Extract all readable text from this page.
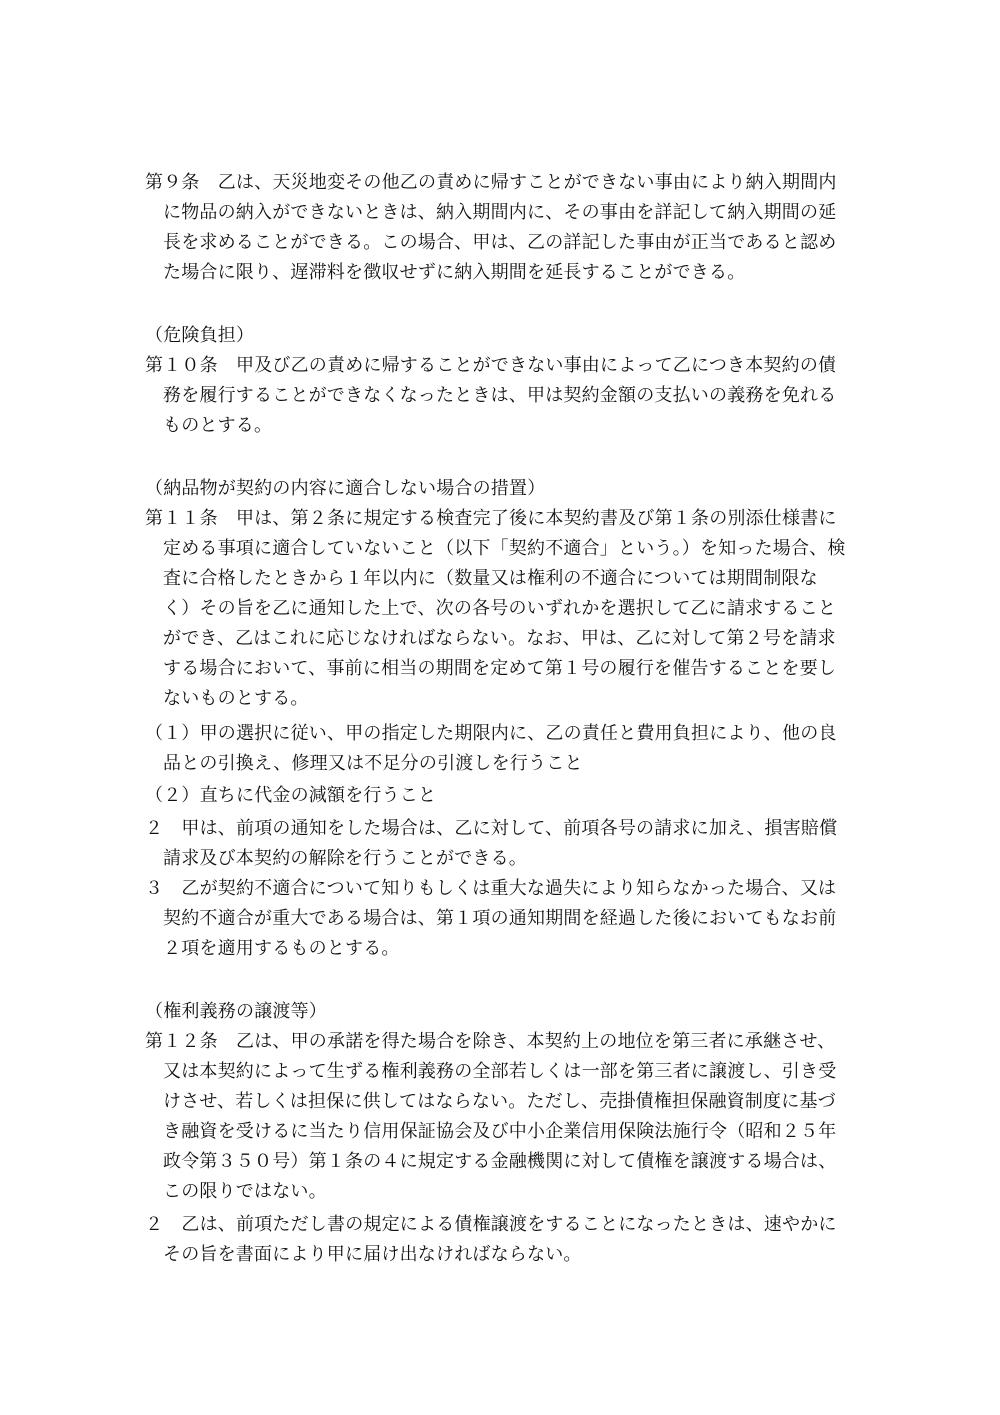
第９条　乙は、天災地変その他乙の責めに帰すことができない事由により納入期間内
に物品の納入ができないときは、納入期間内に、その事由を詳記して納入期間の延
長を求めることができる。この場合、甲は、乙の詳記した事由が正当であると認め
た場合に限り、遅滞料を徴収せずに納入期間を延長することができる。
（危険負担）
第１０条　甲及び乙の責めに帰することができない事由によって乙につき本契約の債
務を履行することができなくなったときは、甲は契約金額の支払いの義務を免れる
ものとする。
（納品物が契約の内容に適合しない場合の措置）
第１１条　甲は、第２条に規定する検査完了後に本契約書及び第１条の別添仕様書に
定める事項に適合していないこと（以下「契約不適合」という。）を知った場合、検
査に合格したときから１年以内に（数量又は権利の不適合については期間制限な
く）その旨を乙に通知した上で、次の各号のいずれかを選択して乙に請求すること
ができ、乙はこれに応じなければならない。なお、甲は、乙に対して第２号を請求
する場合において、事前に相当の期間を定めて第１号の履行を催告することを要し
ないものとする。
（１）甲の選択に従い、甲の指定した期限内に、乙の責任と費用負担により、他の良
品との引換え、修理又は不足分の引渡しを行うこと
（２）直ちに代金の減額を行うこと
２　甲は、前項の通知をした場合は、乙に対して、前項各号の請求に加え、損害賠償
請求及び本契約の解除を行うことができる。
３　乙が契約不適合について知りもしくは重大な過失により知らなかった場合、又は
契約不適合が重大である場合は、第１項の通知期間を経過した後においてもなお前
２項を適用するものとする。
（権利義務の譲渡等）
第１２条　乙は、甲の承諾を得た場合を除き、本契約上の地位を第三者に承継させ、
又は本契約によって生ずる権利義務の全部若しくは一部を第三者に譲渡し、引き受
けさせ、若しくは担保に供してはならない。ただし、売掛債権担保融資制度に基づ
き融資を受けるに当たり信用保証協会及び中小企業信用保険法施行令（昭和２５年
政令第３５０号）第１条の４に規定する金融機関に対して債権を譲渡する場合は、
この限りではない。
２　乙は、前項ただし書の規定による債権譲渡をすることになったときは、速やかに
その旨を書面により甲に届け出なければならない。
